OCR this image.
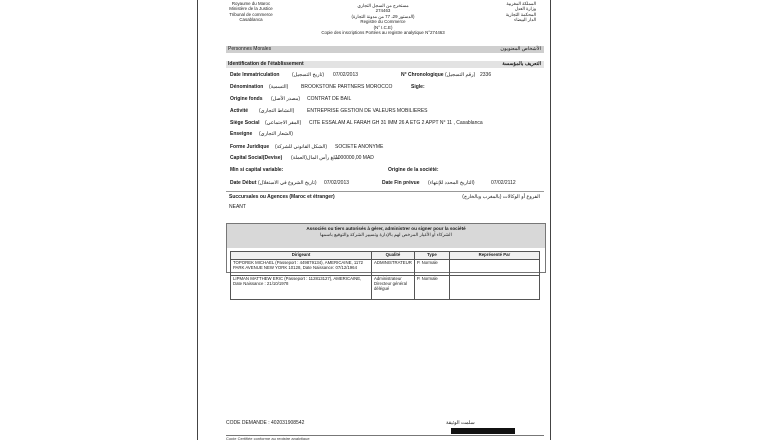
Royaume du Maroc
Ministère de la Justice
Tribunal de commerce
Casablanca
مستخرج من السجل التجاري
274463
(الدستور 29، 77 من مدونة التجارة)
Registre du Commerce
(N° I.C.E)
Copie des inscriptions Portées au registre analytique N°274463
المملكة المغربية
وزارة العدل
المحكمة التجارية
الدار البيضاء
Personnes Morales	الأشخاص المعنويون
Identification de l'établissement	التعريف بالمؤسسة
Date Immatriculation	(تاريخ التسجيل) 07/02/2013	N° Chronologique (رقم التسجيل) 2336
Dénomination (التسمية)	BROOKSTONE PARTNERS MOROCCO	Sigle:
Origine fonds (مصدر الأصل) CONTRAT DE BAIL
Activité (النشاط التجاري)	ENTREPRISE GESTION DE VALEURS MOBILIERES
Siège Social (المقر الاجتماعي) CITE ESSALAM AL FARAH GH 31 IMM 26 A ETG 2 APPT N° 11 , Casablanca
Enseigne (الشعار التجاري)
Forme Juridique (الشكل القانوني للشركة) SOCIETE ANONYME
Capital Social(Devise) (العملة)مبلغ رأس المال
1000000,00 MAD
Min si capital variable:	Origine de la société:
Date Début (تاريخ الشروع في الاستغلال) 07/02/2013	Date Fin prévue (التاريخ المحدد للإنتهاء)	07/02/2112
Succursales ou Agences (Maroc et étranger)	الفروع أو الوكالات (بالمغرب وبالخارج)
NEANT
Associés ou tiers autorisés à gérer, administrer ou signer pour la société
الشركاء أو الأغيار المرخص لهم بالإدارة وتسيير الشركة والتوقيع باسمها
Dirigeant	Qualité	Type	Représenté Par
TOPOREK MICHAEL (Passeport : 449879134), AMERICAINE, 1172 PARK AVENUE NEW YORK 10128, Date Naissance: 07/12/1964	ADMINISTRATEUR	P. Normale	
LIPMAN MATTHEW ERIC (Passeport : 112813127), AMERICAINE, Date Naissance : 21/10/1978	Administrateur Directeur général délégué	P. Normale	
CODE DEMANDE : 402031908542	سلمت الوثيقة
Copie Certifiée conforme au registre analytique
